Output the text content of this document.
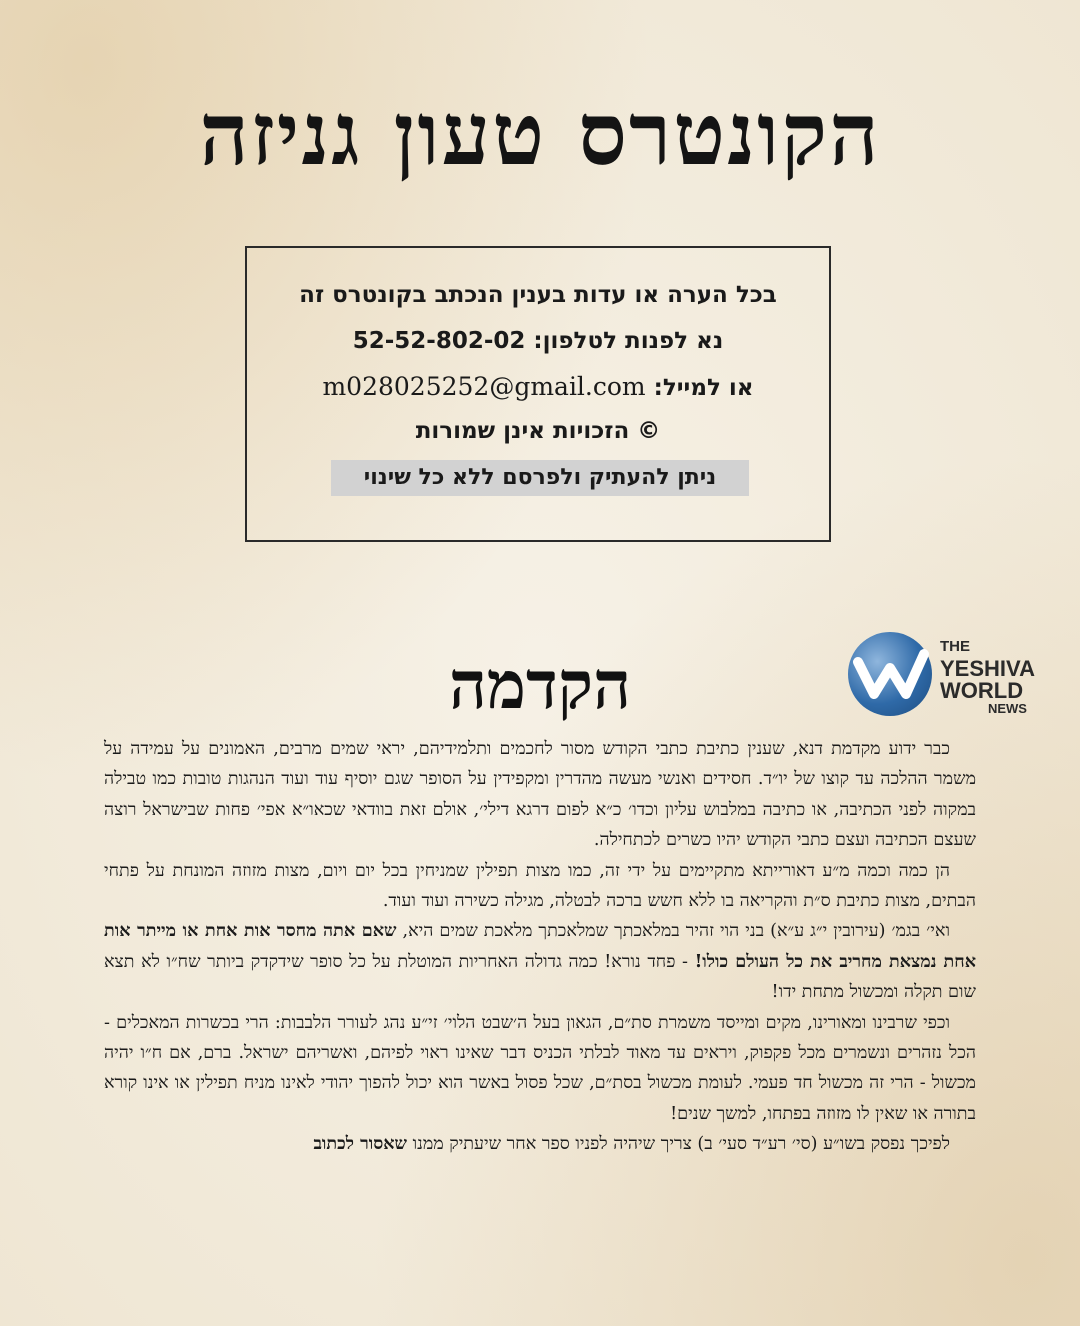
הקונטרס טעון גניזה
בכל הערה או עדות בענין הנכתב בקונטרס זה
נא לפנות לטלפון: 52-52-802-02
או למייל: m028025252@gmail.com
© הזכויות אינן שמורות
ניתן להעתיק ולפרסם ללא כל שינוי
THE
YESHIVA
WORLD
NEWS
הקדמה

כבר ידוע מקדמת דנא, שענין כתיבת כתבי הקודש מסור לחכמים ותלמידיהם, יראי שמים מרבים, האמונים על עמידה על משמר ההלכה עד קוצו של יו״ד. חסידים ואנשי מעשה מהדרין ומקפידין על הסופר שגם יוסיף עוד ועוד הנהגות טובות כמו טבילה במקוה לפני הכתיבה, או כתיבה במלבוש עליון וכדו׳ כ״א לפום דרגא דילי׳, אולם זאת בוודאי שכאו״א אפי׳ פחות שבישראל רוצה שעצם הכתיבה ועצם כתבי הקודש יהיו כשרים לכתחילה.

הן כמה וכמה מ״ע דאורייתא מתקיימים על ידי זה, כמו מצות תפילין שמניחין בכל יום ויום, מצות מזוזה המונחת על פתחי הבתים, מצות כתיבת ס״ת והקריאה בו ללא חשש ברכה לבטלה, מגילה כשירה ועוד ועוד.

ואי׳ בגמ׳ (עירובין י״ג ע״א) בני הוי זהיר במלאכתך שמלאכתך מלאכת שמים היא, שאם אתה מחסר אות אחת או מייתר אות אחת נמצאת מחריב את כל העולם כולו! - פחד נורא! כמה גדולה האחריות המוטלת על כל סופר שידקדק ביותר שח״ו לא תצא שום תקלה ומכשול מתחת ידו!

וכפי שרבינו ומאורינו, מקים ומייסד משמרת סת״ם, הגאון בעל ה׳שבט הלוי׳ זי״ע נהג לעורר הלבבות: הרי בכשרות המאכלים - הכל נזהרים ונשמרים מכל פקפוק, ויראים עד מאוד לבלתי הכניס דבר שאינו ראוי לפיהם, ואשריהם ישראל. ברם, אם ח״ו יהיה מכשול - הרי זה מכשול חד פעמי. לעומת מכשול בסת״ם, שכל פסול באשר הוא יכול להפוך יהודי לאינו מניח תפילין או אינו קורא בתורה או שאין לו מזוזה בפתחו, למשך שנים!

לפיכך נפסק בשו״ע (סי׳ רע״ד סעי׳ ב) צריך שיהיה לפניו ספר אחר שיעתיק ממנו שאסור לכתוב
